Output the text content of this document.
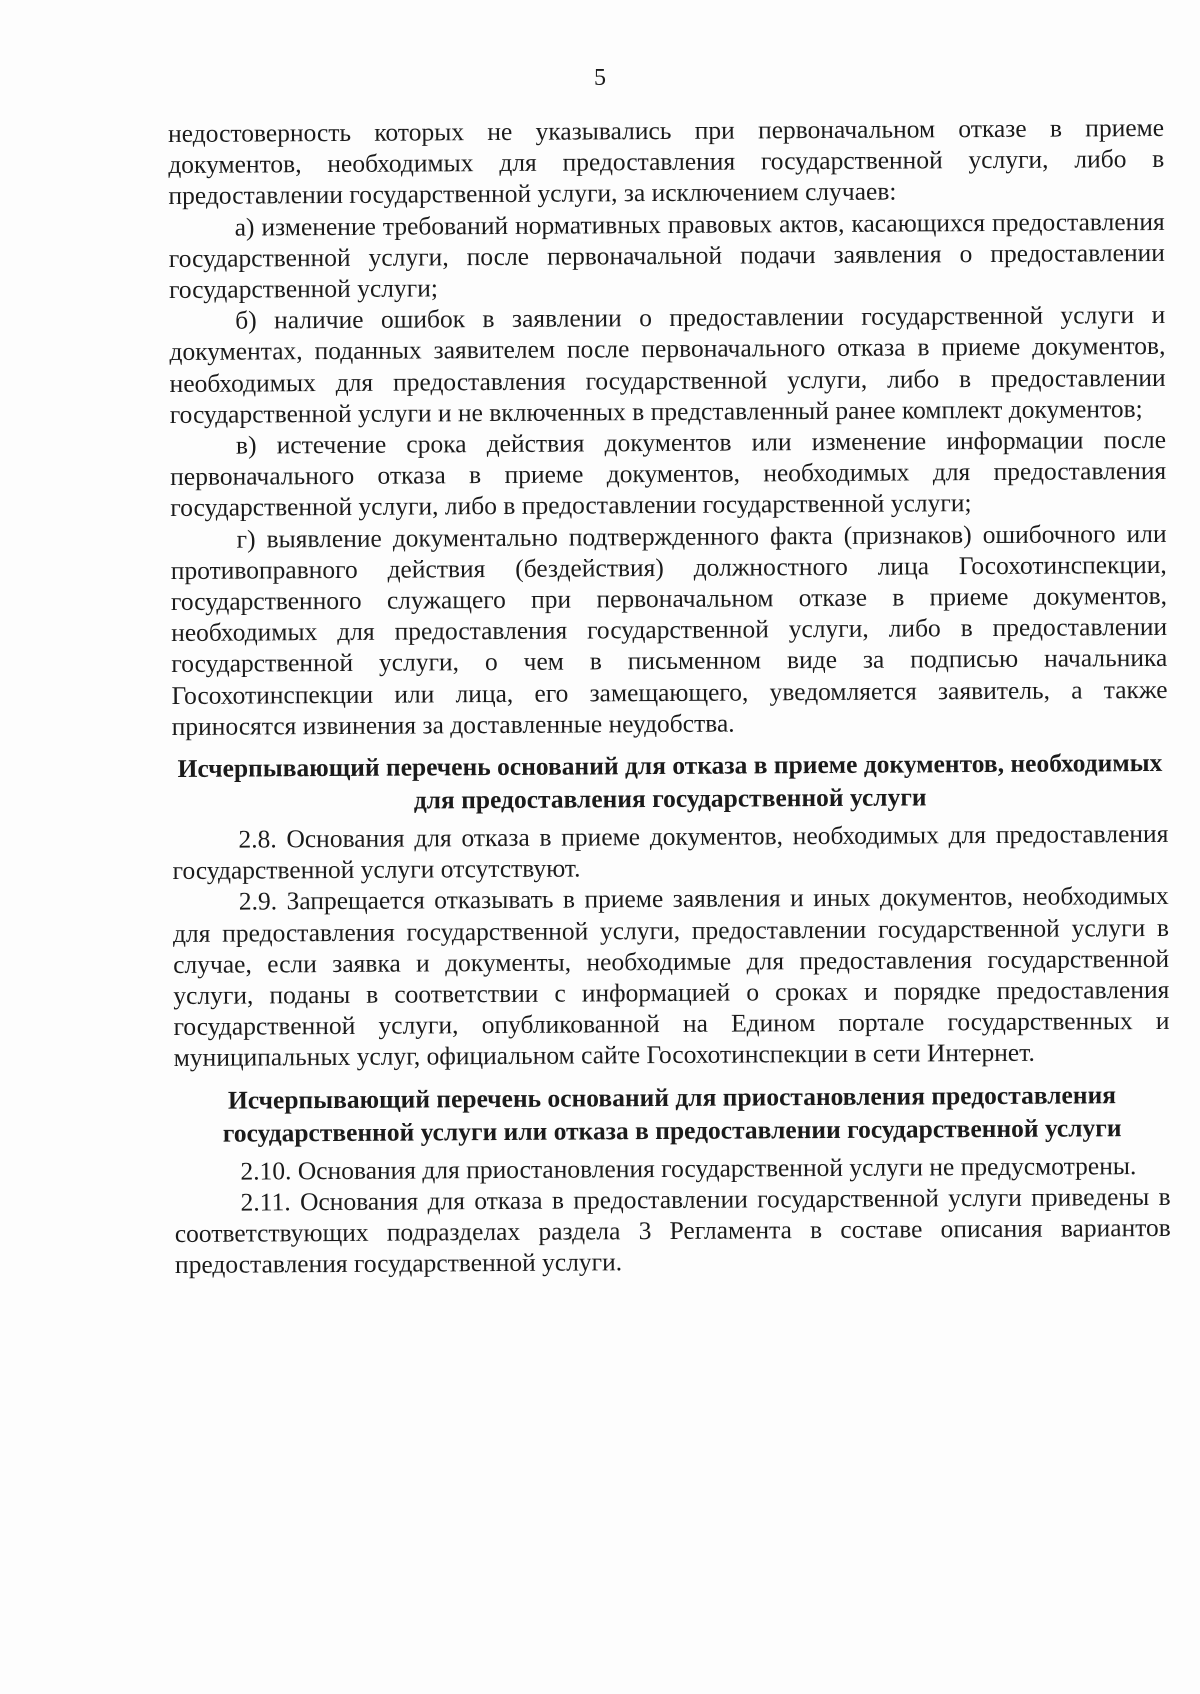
5

недостоверность которых не указывались при первоначальном отказе в приеме документов, необходимых для предоставления государственной услуги, либо в предоставлении государственной услуги, за исключением случаев:

а) изменение требований нормативных правовых актов, касающихся предоставления государственной услуги, после первоначальной подачи заявления о предоставлении государственной услуги;

б) наличие ошибок в заявлении о предоставлении государственной услуги и документах, поданных заявителем после первоначального отказа в приеме документов, необходимых для предоставления государственной услуги, либо в предоставлении государственной услуги и не включенных в представленный ранее комплект документов;

в) истечение срока действия документов или изменение информации после первоначального отказа в приеме документов, необходимых для предоставления государственной услуги, либо в предоставлении государственной услуги;

г) выявление документально подтвержденного факта (признаков) ошибочного или противоправного действия (бездействия) должностного лица Госохотинспекции, государственного служащего при первоначальном отказе в приеме документов, необходимых для предоставления государственной услуги, либо в предоставлении государственной услуги, о чем в письменном виде за подписью начальника Госохотинспекции или лица, его замещающего, уведомляется заявитель, а также приносятся извинения за доставленные неудобства.

Исчерпывающий перечень оснований для отказа в приеме документов, необходимых для предоставления государственной услуги

2.8. Основания для отказа в приеме документов, необходимых для предоставления государственной услуги отсутствуют.

2.9. Запрещается отказывать в приеме заявления и иных документов, необходимых для предоставления государственной услуги, предоставлении государственной услуги в случае, если заявка и документы, необходимые для предоставления государственной услуги, поданы в соответствии с информацией о сроках и порядке предоставления государственной услуги, опубликованной на Едином портале государственных и муниципальных услуг, официальном сайте Госохотинспекции в сети Интернет.

Исчерпывающий перечень оснований для приостановления предоставления государственной услуги или отказа в предоставлении государственной услуги

2.10. Основания для приостановления государственной услуги не предусмотрены.

2.11. Основания для отказа в предоставлении государственной услуги приведены в соответствующих подразделах раздела 3 Регламента в составе описания вариантов предоставления государственной услуги.
